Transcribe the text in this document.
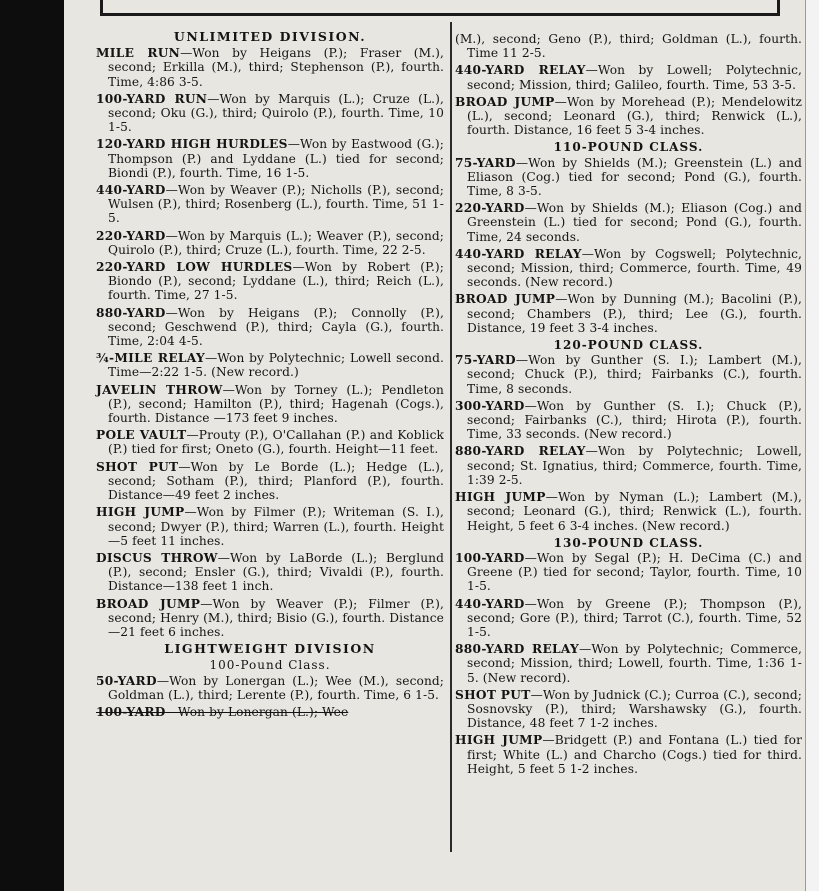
UNLIMITED DIVISION.

MILE RUN—Won by Heigans (P.); Fraser (M.), second; Erkilla (M.), third; Stephenson (P.), fourth. Time, 4:86 3-5.

100-YARD RUN—Won by Marquis (L.); Cruze (L.), second; Oku (G.), third; Quirolo (P.), fourth. Time, 10 1-5.

120-YARD HIGH HURDLES—Won by Eastwood (G.); Thompson (P.) and Lyddane (L.) tied for second; Biondi (P.), fourth. Time, 16 1-5.

440-YARD—Won by Weaver (P.); Nicholls (P.), second; Wulsen (P.), third; Rosenberg (L.), fourth. Time, 51 1-5.

220-YARD—Won by Marquis (L.); Weaver (P.), second; Quirolo (P.), third; Cruze (L.), fourth. Time, 22 2-5.

220-YARD LOW HURDLES—Won by Robert (P.); Biondo (P.), second; Lyddane (L.), third; Reich (L.), fourth. Time, 27 1-5.

880-YARD—Won by Heigans (P.); Connolly (P.), second; Geschwend (P.), third; Cayla (G.), fourth. Time, 2:04 4-5.

¾-MILE RELAY—Won by Polytechnic; Lowell second. Time—2:22 1-5. (New record.)

JAVELIN THROW—Won by Torney (L.); Pendleton (P.), second; Hamilton (P.), third; Hagenah (Cogs.), fourth. Distance —173 feet 9 inches.

POLE VAULT—Prouty (P.), O'Callahan (P.) and Koblick (P.) tied for first; Oneto (G.), fourth. Height—11 feet.

SHOT PUT—Won by Le Borde (L.); Hedge (L.), second; Sotham (P.), third; Planford (P.), fourth. Distance—49 feet 2 inches.

HIGH JUMP—Won by Filmer (P.); Writeman (S. I.), second; Dwyer (P.), third; Warren (L.), fourth. Height—5 feet 11 inches.

DISCUS THROW—Won by LaBorde (L.); Berglund (P.), second; Ensler (G.), third; Vivaldi (P.), fourth. Distance—138 feet 1 inch.

BROAD JUMP—Won by Weaver (P.); Filmer (P.), second; Henry (M.), third; Bisio (G.), fourth. Distance—21 feet 6 inches.

LIGHTWEIGHT DIVISION
100-Pound Class.

50-YARD—Won by Lonergan (L.); Wee (M.), second; Goldman (L.), third; Lerente (P.), fourth. Time, 6 1-5.

100-YARD—Won by Lonergan (L.); Wee

(M.), second; Geno (P.), third; Goldman (L.), fourth. Time 11 2-5.

440-YARD RELAY—Won by Lowell; Polytechnic, second; Mission, third; Galileo, fourth. Time, 53 3-5.

BROAD JUMP—Won by Morehead (P.); Mendelowitz (L.), second; Leonard (G.), third; Renwick (L.), fourth. Distance, 16 feet 5 3-4 inches.

110-POUND CLASS.

75-YARD—Won by Shields (M.); Greenstein (L.) and Eliason (Cog.) tied for second; Pond (G.), fourth. Time, 8 3-5.

220-YARD—Won by Shields (M.); Eliason (Cog.) and Greenstein (L.) tied for second; Pond (G.), fourth. Time, 24 seconds.

440-YARD RELAY—Won by Cogswell; Polytechnic, second; Mission, third; Commerce, fourth. Time, 49 seconds. (New record.)

BROAD JUMP—Won by Dunning (M.); Bacolini (P.), second; Chambers (P.), third; Lee (G.), fourth. Distance, 19 feet 3 3-4 inches.

120-POUND CLASS.

75-YARD—Won by Gunther (S. I.); Lambert (M.), second; Chuck (P.), third; Fairbanks (C.), fourth. Time, 8 seconds.

300-YARD—Won by Gunther (S. I.); Chuck (P.), second; Fairbanks (C.), third; Hirota (P.), fourth. Time, 33 seconds. (New record.)

880-YARD RELAY—Won by Polytechnic; Lowell, second; St. Ignatius, third; Commerce, fourth. Time, 1:39 2-5.

HIGH JUMP—Won by Nyman (L.); Lambert (M.), second; Leonard (G.), third; Renwick (L.), fourth. Height, 5 feet 6 3-4 inches. (New record.)

130-POUND CLASS.

100-YARD—Won by Segal (P.); H. DeCima (C.) and Greene (P.) tied for second; Taylor, fourth. Time, 10 1-5.

440-YARD—Won by Greene (P.); Thompson (P.), second; Gore (P.), third; Tarrot (C.), fourth. Time, 52 1-5.

880-YARD RELAY—Won by Polytechnic; Commerce, second; Mission, third; Lowell, fourth. Time, 1:36 1-5. (New record).

SHOT PUT—Won by Judnick (C.); Curroa (C.), second; Sosnovsky (P.), third; Warshawsky (G.), fourth. Distance, 48 feet 7 1-2 inches.

HIGH JUMP—Bridgett (P.) and Fontana (L.) tied for first; White (L.) and Charcho (Cogs.) tied for third. Height, 5 feet 5 1-2 inches.
